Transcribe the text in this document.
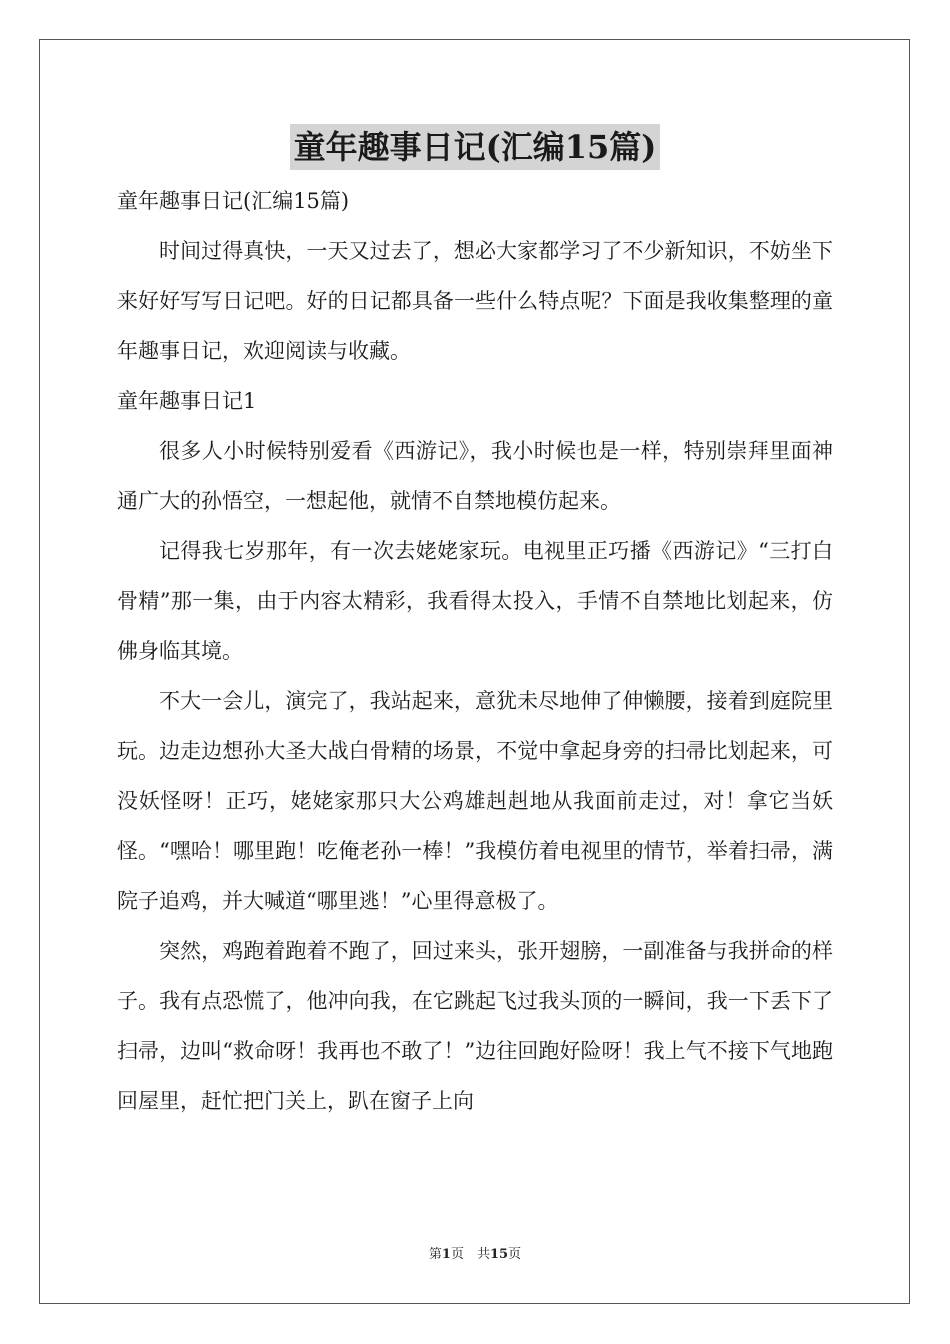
童年趣事日记(汇编15篇)

童年趣事日记(汇编15篇)

时间过得真快，一天又过去了，想必大家都学习了不少新知识，不妨坐下来好好写写日记吧。好的日记都具备一些什么特点呢？下面是我收集整理的童年趣事日记，欢迎阅读与收藏。

童年趣事日记1

很多人小时候特别爱看《西游记》，我小时候也是一样，特别崇拜里面神通广大的孙悟空，一想起他，就情不自禁地模仿起来。

记得我七岁那年，有一次去姥姥家玩。电视里正巧播《西游记》“三打白骨精”那一集，由于内容太精彩，我看得太投入，手情不自禁地比划起来，仿佛身临其境。

不大一会儿，演完了，我站起来，意犹未尽地伸了伸懒腰，接着到庭院里玩。边走边想孙大圣大战白骨精的场景，不觉中拿起身旁的扫帚比划起来，可没妖怪呀！正巧，姥姥家那只大公鸡雄赳赳地从我面前走过，对！拿它当妖怪。“嘿哈！哪里跑！吃俺老孙一棒！”我模仿着电视里的情节，举着扫帚，满院子追鸡，并大喊道“哪里逃！”心里得意极了。

突然，鸡跑着跑着不跑了，回过来头，张开翅膀，一副准备与我拼命的样子。我有点恐慌了，他冲向我，在它跳起飞过我头顶的一瞬间，我一下丢下了扫帚，边叫“救命呀！我再也不敢了！”边往回跑好险呀！我上气不接下气地跑回屋里，赶忙把门关上，趴在窗子上向

第1页　共15页
